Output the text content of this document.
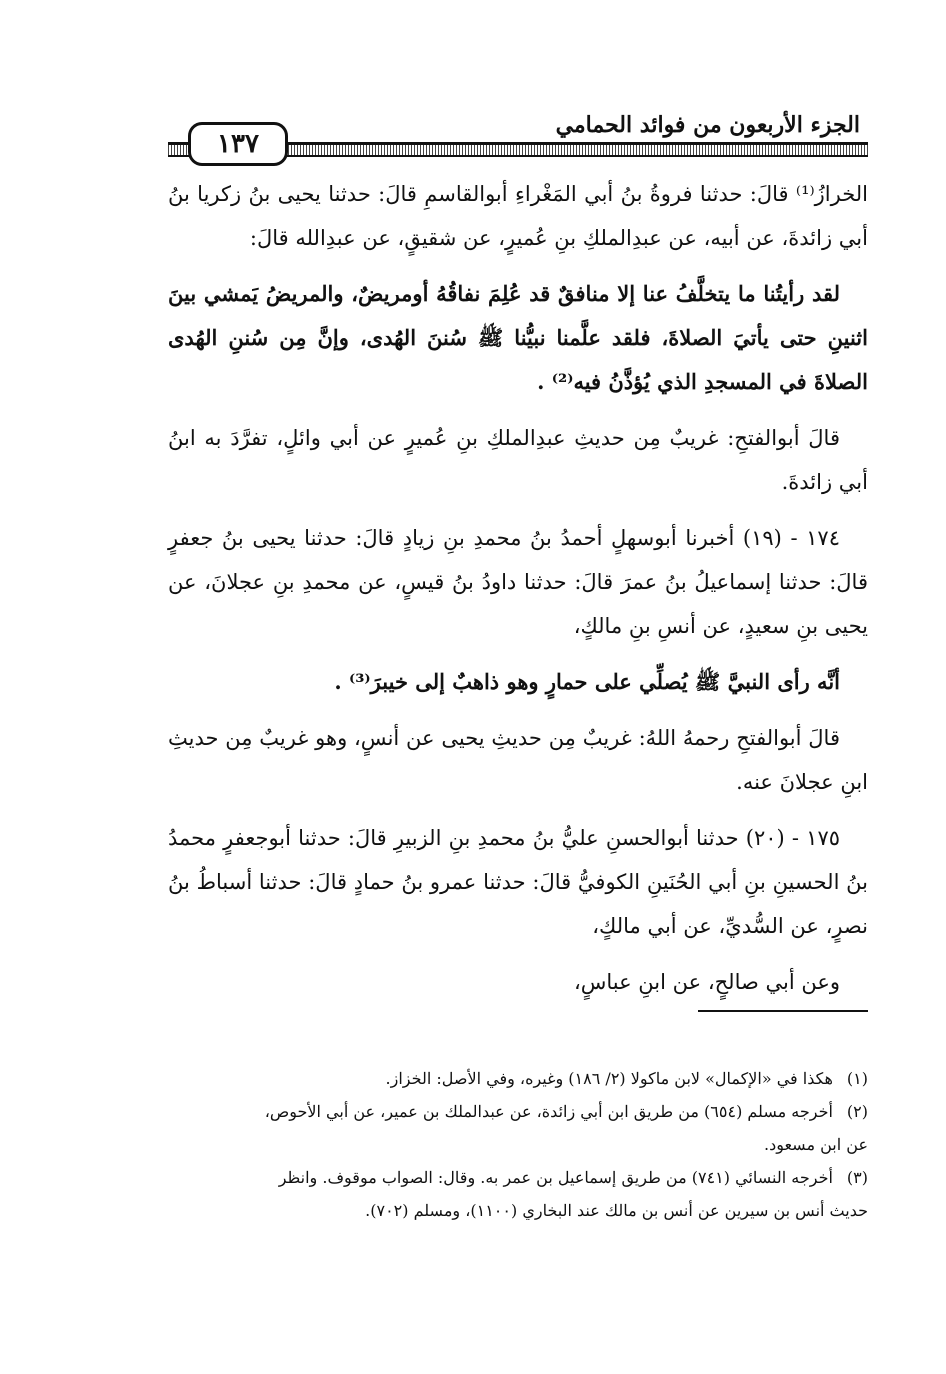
١٣٧
الجزء الأربعون من فوائد الحمامي

الخرازُ⁽¹⁾ قالَ: حدثنا فروةُ بنُ أبي المَغْراءِ أبوالقاسمِ قالَ: حدثنا يحيى بنُ زكريا بنُ أبي زائدةَ، عن أبيه، عن عبدِالملكِ بنِ عُميرٍ، عن شقيقٍ، عن عبدِالله قالَ:

لقد رأيتُنا ما يتخلَّفُ عنا إلا منافقٌ قد عُلِمَ نفاقُهُ أومريضٌ، والمريضُ يَمشي بينَ اثنينِ حتى يأتيَ الصلاةَ، فلقد علَّمنا نبيُّنا ﷺ سُننَ الهُدى، وإنَّ مِن سُننِ الهُدى الصلاةَ في المسجدِ الذي يُؤذَّنُ فيه⁽²⁾ .

قالَ أبوالفتحِ: غريبٌ مِن حديثِ عبدِالملكِ بنِ عُميرٍ عن أبي وائلٍ، تفرَّدَ به ابنُ أبي زائدةَ.

١٧٤ - (١٩) أخبرنا أبوسهلٍ أحمدُ بنُ محمدِ بنِ زيادٍ قالَ: حدثنا يحيى بنُ جعفرٍ قالَ: حدثنا إسماعيلُ بنُ عمرَ قالَ: حدثنا داودُ بنُ قيسٍ، عن محمدِ بنِ عجلانَ، عن يحيى بنِ سعيدٍ، عن أنسِ بنِ مالكٍ،

أنَّه رأى النبيَّ ﷺ يُصلِّي على حمارٍ وهو ذاهبٌ إلى خيبرَ⁽³⁾ .

قالَ أبوالفتحِ رحمهُ اللهُ: غريبٌ مِن حديثِ يحيى عن أنسٍ، وهو غريبٌ مِن حديثِ ابنِ عجلانَ عنه.

١٧٥ - (٢٠) حدثنا أبوالحسنِ عليُّ بنُ محمدِ بنِ الزبيرِ قالَ: حدثنا أبوجعفرٍ محمدُ بنُ الحسينِ بنِ أبي الحُنَينِ الكوفيُّ قالَ: حدثنا عمرو بنُ حمادٍ قالَ: حدثنا أسباطُ بنُ نصرٍ، عن السُّديِّ، عن أبي مالكٍ،

وعن أبي صالحٍ، عن ابنِ عباسٍ،

(١) هكذا في «الإكمال» لابن ماكولا (٢/ ١٨٦) وغيره، وفي الأصل: الخزاز.

(٢) أخرجه مسلم (٦٥٤) من طريق ابن أبي زائدة، عن عبدالملك بن عمير، عن أبي الأحوص،

عن ابن مسعود.

(٣) أخرجه النسائي (٧٤١) من طريق إسماعيل بن عمر به. وقال: الصواب موقوف. وانظر

حديث أنس بن سيرين عن أنس بن مالك عند البخاري (١١٠٠)، ومسلم (٧٠٢).
